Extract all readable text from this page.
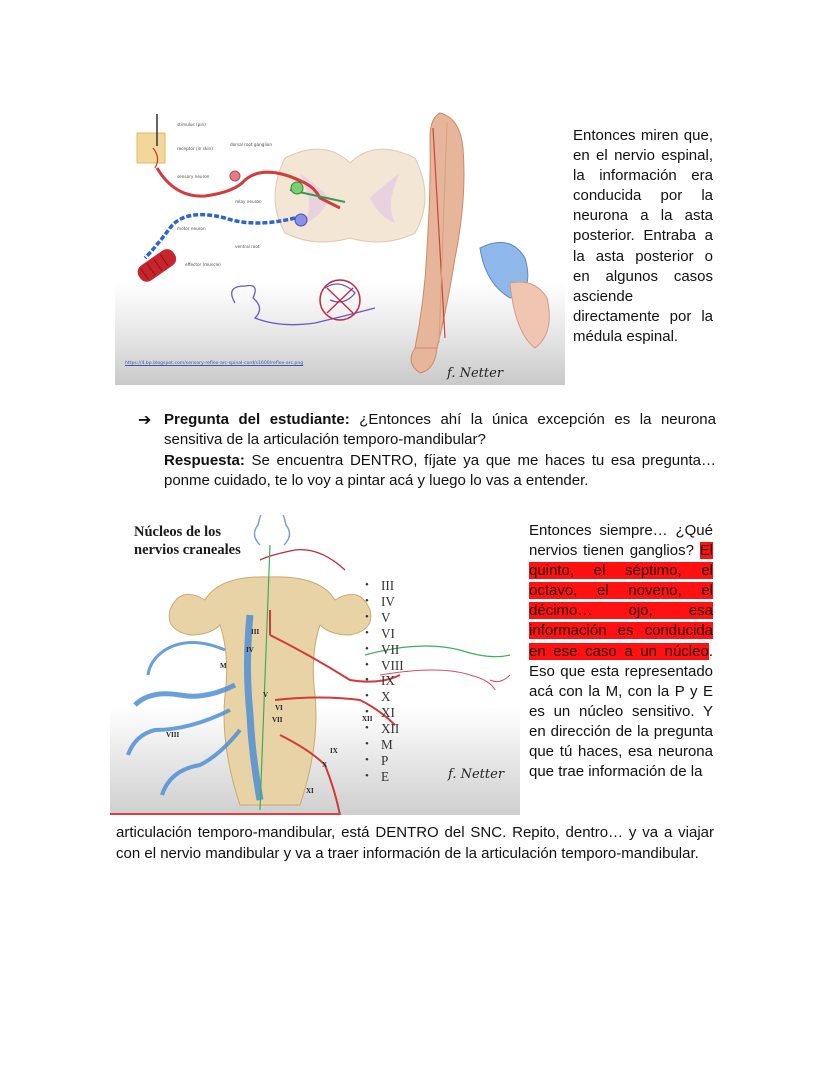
stimulus (pin)
receptor (in skin)
dorsal root ganglion
sensory neuron
relay neuron
motor neuron
ventral root
effector (muscle)
https://4.bp.blogspot.com/sensory-reflex-arc-spinal-cord/s1600/reflex-arc.png
f. Netter
Entonces miren que, en el nervio espinal, la información era conducida por la neurona a la asta posterior. Entraba a la asta posterior o en algunos casos asciende directamente por la médula espinal.
➔ Pregunta del estudiante: ¿Entonces ahí la única excepción es la neurona sensitiva de la articulación temporo-mandibular?

Respuesta: Se encuentra DENTRO, fíjate ya que me haces tu esa pregunta… ponme cuidado, te lo voy a pintar acá y luego lo vas a entender.

III
IV
V
VI
VII
VIII
IX
X
XI
XII
M
Núcleos de los
nervios craneales
• III
• IV
• V
• VI
• VII
• VIII
• IX
• X
• XI
• XII
• M
• P
• E	f. Netter
Entonces siempre… ¿Qué nervios tienen ganglios? El quinto, el séptimo, el octavo, el noveno, el décimo… ojo, esa información es conducida en ese caso a un núcleo. Eso que esta representado acá con la M, con la P y E es un núcleo sensitivo. Y en dirección de la pregunta que tú haces, esa neurona que trae información de la
articulación temporo-mandibular, está DENTRO del SNC. Repito, dentro… y va a viajar con el nervio mandibular y va a traer información de la articulación temporo-mandibular.
